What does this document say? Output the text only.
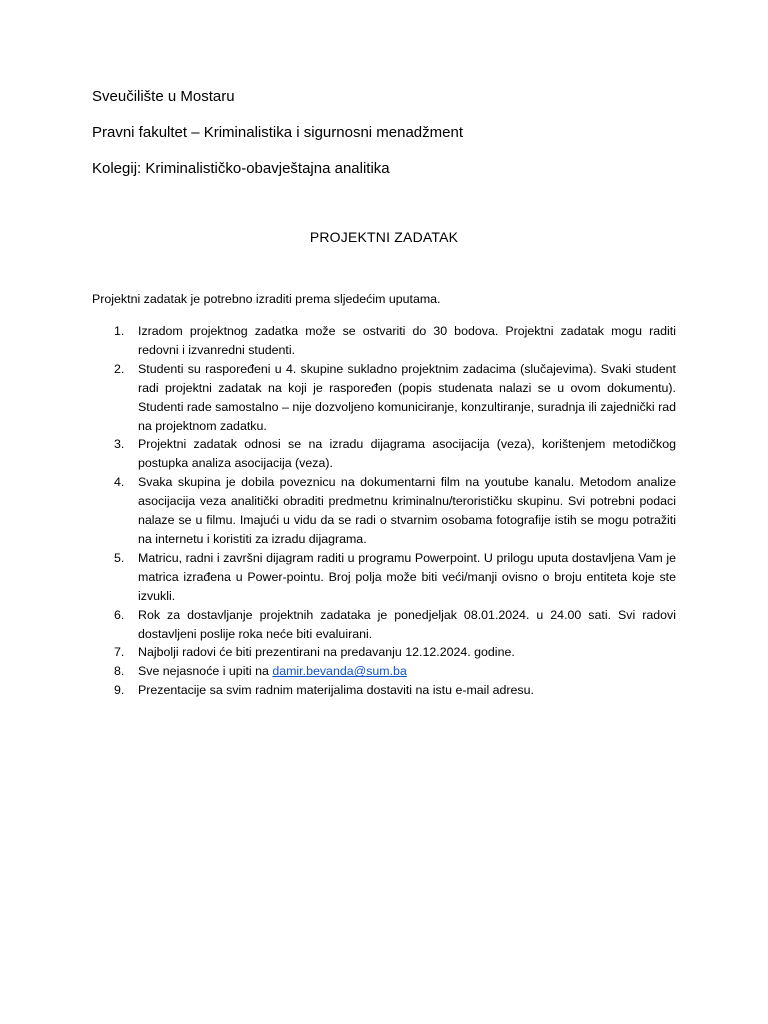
Sveučilište u Mostaru
Pravni fakultet – Kriminalistika i sigurnosni menadžment
Kolegij: Kriminalističko-obavještajna analitika
PROJEKTNI ZADATAK
Projektni zadatak je potrebno izraditi prema sljedećim uputama.
1. Izradom projektnog zadatka može se ostvariti do 30 bodova. Projektni zadatak mogu raditi redovni i izvanredni studenti.
2. Studenti su raspoređeni u 4. skupine sukladno projektnim zadacima (slučajevima). Svaki student radi projektni zadatak na koji je raspoređen (popis studenata nalazi se u ovom dokumentu). Studenti rade samostalno – nije dozvoljeno komuniciranje, konzultiranje, suradnja ili zajednički rad na projektnom zadatku.
3. Projektni zadatak odnosi se na izradu dijagrama asocijacija (veza), korištenjem metodičkog postupka analiza asocijacija (veza).
4. Svaka skupina je dobila poveznicu na dokumentarni film na youtube kanalu. Metodom analize asocijacija veza analitički obraditi predmetnu kriminalnu/terorističku skupinu. Svi potrebni podaci nalaze se u filmu. Imajući u vidu da se radi o stvarnim osobama fotografije istih se mogu potražiti na internetu i koristiti za izradu dijagrama.
5. Matricu, radni i završni dijagram raditi u programu Powerpoint. U prilogu uputa dostavljena Vam je matrica izrađena u Power-pointu. Broj polja može biti veći/manji ovisno o broju entiteta koje ste izvukli.
6. Rok za dostavljanje projektnih zadataka je ponedjeljak 08.01.2024. u 24.00 sati. Svi radovi dostavljeni poslije roka neće biti evaluirani.
7. Najbolji radovi će biti prezentirani na predavanju 12.12.2024. godine.
8. Sve nejasnoće i upiti na damir.bevanda@sum.ba
9. Prezentacije sa svim radnim materijalima dostaviti na istu e-mail adresu.
